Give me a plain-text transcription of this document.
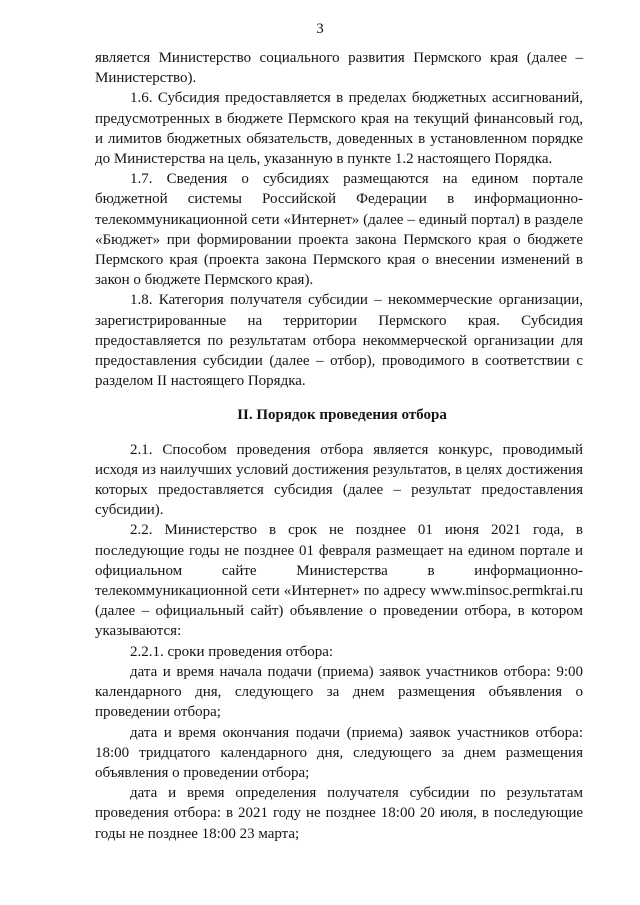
3

является Министерство социального развития Пермского края (далее – Министерство).

1.6. Субсидия предоставляется в пределах бюджетных ассигнований, предусмотренных в бюджете Пермского края на текущий финансовый год, и лимитов бюджетных обязательств, доведенных в установленном порядке до Министерства на цель, указанную в пункте 1.2 настоящего Порядка.

1.7. Сведения о субсидиях размещаются на едином портале бюджетной системы Российской Федерации в информационно-телекоммуникационной сети «Интернет» (далее – единый портал) в разделе «Бюджет» при формировании проекта закона Пермского края о бюджете Пермского края (проекта закона Пермского края о внесении изменений в закон о бюджете Пермского края).

1.8. Категория получателя субсидии – некоммерческие организации, зарегистрированные на территории Пермского края. Субсидия предоставляется по результатам отбора некоммерческой организации для предоставления субсидии (далее – отбор), проводимого в соответствии с разделом II настоящего Порядка.

II. Порядок проведения отбора

2.1. Способом проведения отбора является конкурс, проводимый исходя из наилучших условий достижения результатов, в целях достижения которых предоставляется субсидия (далее – результат предоставления субсидии).

2.2. Министерство в срок не позднее 01 июня 2021 года, в последующие годы не позднее 01 февраля размещает на едином портале и официальном сайте Министерства в информационно-телекоммуникационной сети «Интернет» по адресу www.minsoc.permkrai.ru (далее – официальный сайт) объявление о проведении отбора, в котором указываются:

2.2.1. сроки проведения отбора:

дата и время начала подачи (приема) заявок участников отбора: 9:00 календарного дня, следующего за днем размещения объявления о проведении отбора;

дата и время окончания подачи (приема) заявок участников отбора: 18:00 тридцатого календарного дня, следующего за днем размещения объявления о проведении отбора;

дата и время определения получателя субсидии по результатам проведения отбора: в 2021 году не позднее 18:00 20 июля, в последующие годы не позднее 18:00 23 марта;
